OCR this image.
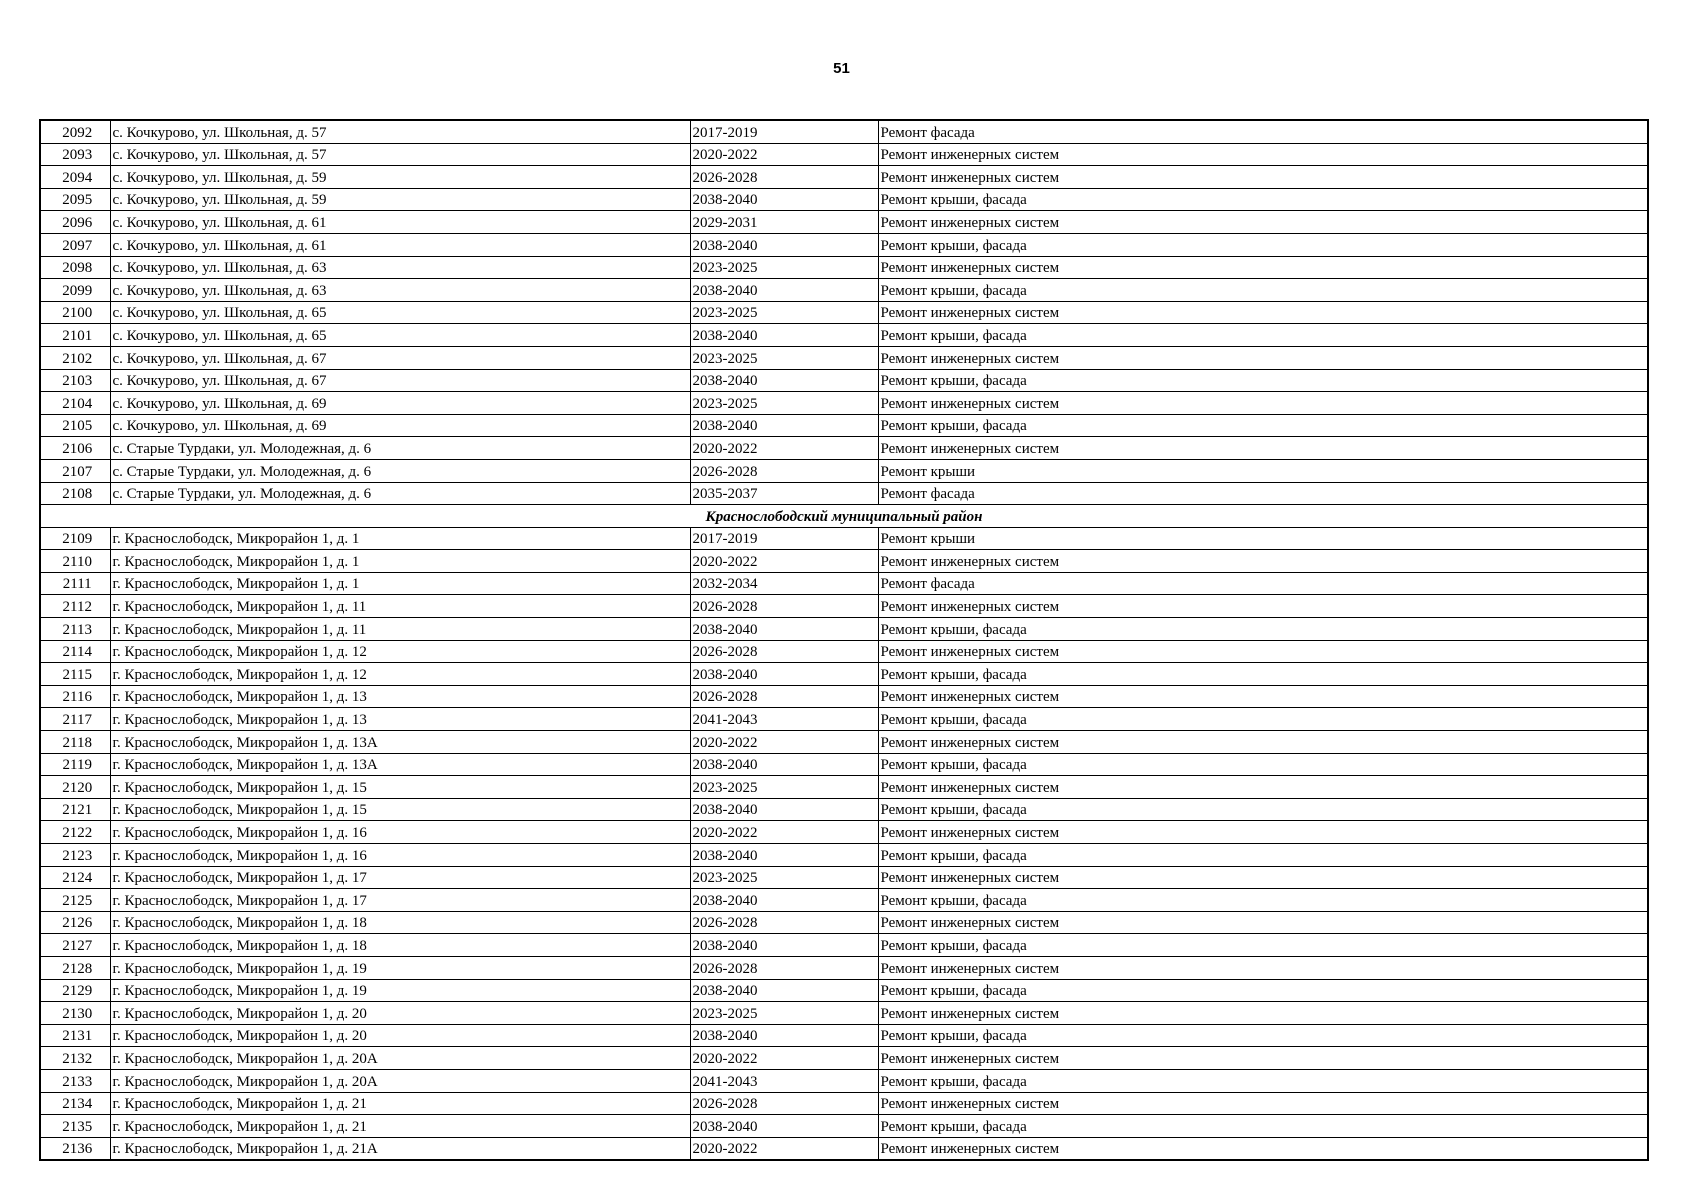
51
2092	с. Кочкурово, ул. Школьная, д. 57	2017-2019	Ремонт фасада
2093	с. Кочкурово, ул. Школьная, д. 57	2020-2022	Ремонт инженерных систем
2094	с. Кочкурово, ул. Школьная, д. 59	2026-2028	Ремонт инженерных систем
2095	с. Кочкурово, ул. Школьная, д. 59	2038-2040	Ремонт крыши, фасада
2096	с. Кочкурово, ул. Школьная, д. 61	2029-2031	Ремонт инженерных систем
2097	с. Кочкурово, ул. Школьная, д. 61	2038-2040	Ремонт крыши, фасада
2098	с. Кочкурово, ул. Школьная, д. 63	2023-2025	Ремонт инженерных систем
2099	с. Кочкурово, ул. Школьная, д. 63	2038-2040	Ремонт крыши, фасада
2100	с. Кочкурово, ул. Школьная, д. 65	2023-2025	Ремонт инженерных систем
2101	с. Кочкурово, ул. Школьная, д. 65	2038-2040	Ремонт крыши, фасада
2102	с. Кочкурово, ул. Школьная, д. 67	2023-2025	Ремонт инженерных систем
2103	с. Кочкурово, ул. Школьная, д. 67	2038-2040	Ремонт крыши, фасада
2104	с. Кочкурово, ул. Школьная, д. 69	2023-2025	Ремонт инженерных систем
2105	с. Кочкурово, ул. Школьная, д. 69	2038-2040	Ремонт крыши, фасада
2106	с. Старые Турдаки, ул. Молодежная, д. 6	2020-2022	Ремонт инженерных систем
2107	с. Старые Турдаки, ул. Молодежная, д. 6	2026-2028	Ремонт крыши
2108	с. Старые Турдаки, ул. Молодежная, д. 6	2035-2037	Ремонт фасада
Краснослободский муниципальный район			
2109	г. Краснослободск, Микрорайон 1, д. 1	2017-2019	Ремонт крыши
2110	г. Краснослободск, Микрорайон 1, д. 1	2020-2022	Ремонт инженерных систем
2111	г. Краснослободск, Микрорайон 1, д. 1	2032-2034	Ремонт фасада
2112	г. Краснослободск, Микрорайон 1, д. 11	2026-2028	Ремонт инженерных систем
2113	г. Краснослободск, Микрорайон 1, д. 11	2038-2040	Ремонт крыши, фасада
2114	г. Краснослободск, Микрорайон 1, д. 12	2026-2028	Ремонт инженерных систем
2115	г. Краснослободск, Микрорайон 1, д. 12	2038-2040	Ремонт крыши, фасада
2116	г. Краснослободск, Микрорайон 1, д. 13	2026-2028	Ремонт инженерных систем
2117	г. Краснослободск, Микрорайон 1, д. 13	2041-2043	Ремонт крыши, фасада
2118	г. Краснослободск, Микрорайон 1, д. 13А	2020-2022	Ремонт инженерных систем
2119	г. Краснослободск, Микрорайон 1, д. 13А	2038-2040	Ремонт крыши, фасада
2120	г. Краснослободск, Микрорайон 1, д. 15	2023-2025	Ремонт инженерных систем
2121	г. Краснослободск, Микрорайон 1, д. 15	2038-2040	Ремонт крыши, фасада
2122	г. Краснослободск, Микрорайон 1, д. 16	2020-2022	Ремонт инженерных систем
2123	г. Краснослободск, Микрорайон 1, д. 16	2038-2040	Ремонт крыши, фасада
2124	г. Краснослободск, Микрорайон 1, д. 17	2023-2025	Ремонт инженерных систем
2125	г. Краснослободск, Микрорайон 1, д. 17	2038-2040	Ремонт крыши, фасада
2126	г. Краснослободск, Микрорайон 1, д. 18	2026-2028	Ремонт инженерных систем
2127	г. Краснослободск, Микрорайон 1, д. 18	2038-2040	Ремонт крыши, фасада
2128	г. Краснослободск, Микрорайон 1, д. 19	2026-2028	Ремонт инженерных систем
2129	г. Краснослободск, Микрорайон 1, д. 19	2038-2040	Ремонт крыши, фасада
2130	г. Краснослободск, Микрорайон 1, д. 20	2023-2025	Ремонт инженерных систем
2131	г. Краснослободск, Микрорайон 1, д. 20	2038-2040	Ремонт крыши, фасада
2132	г. Краснослободск, Микрорайон 1, д. 20А	2020-2022	Ремонт инженерных систем
2133	г. Краснослободск, Микрорайон 1, д. 20А	2041-2043	Ремонт крыши, фасада
2134	г. Краснослободск, Микрорайон 1, д. 21	2026-2028	Ремонт инженерных систем
2135	г. Краснослободск, Микрорайон 1, д. 21	2038-2040	Ремонт крыши, фасада
2136	г. Краснослободск, Микрорайон 1, д. 21А	2020-2022	Ремонт инженерных систем
